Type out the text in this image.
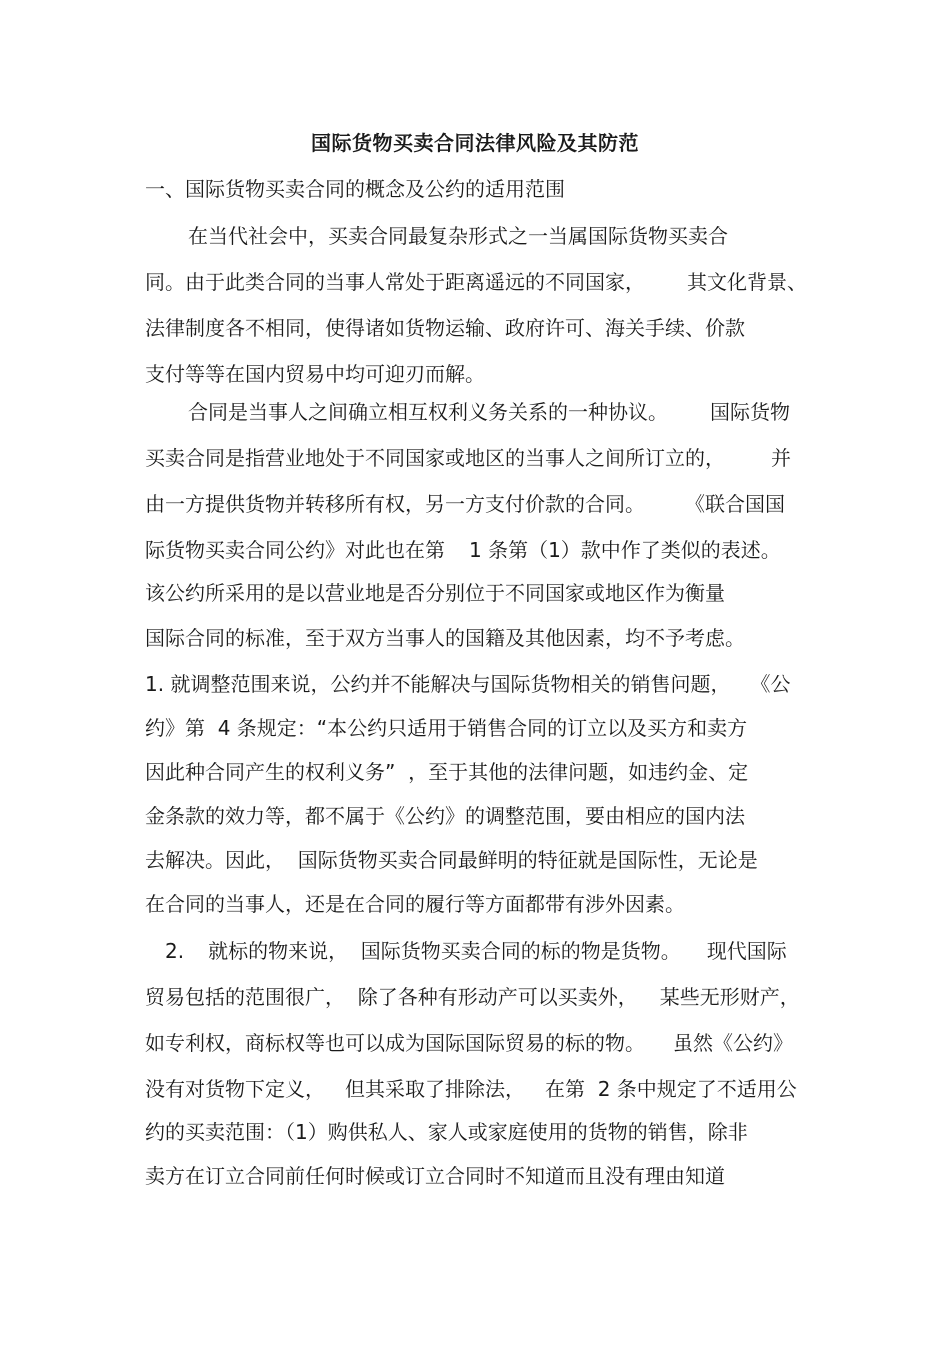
国际货物买卖合同法律风险及其防范

一、国际货物买卖合同的概念及公约的适用范围

在当代社会中，买卖合同最复杂形式之一当属国际货物买卖合

同。由于此类合同的当事人常处于距离遥远的不同国家， 其文化背景、

法律制度各不相同，使得诸如货物运输、政府许可、海关手续、价款

支付等等在国内贸易中均可迎刃而解。

合同是当事人之间确立相互权利义务关系的一种协议。 国际货物

买卖合同是指营业地处于不同国家或地区的当事人之间所订立的， 并

由一方提供货物并转移所有权，另一方支付价款的合同。 《联合国国

际货物买卖合同公约》对此也在第 1 条第（1）款中作了类似的表述。

该公约所采用的是以营业地是否分别位于不同国家或地区作为衡量

国际合同的标准，至于双方当事人的国籍及其他因素，均不予考虑。

1. 就调整范围来说，公约并不能解决与国际货物相关的销售问题， 《公

约》第  4 条规定：“本公约只适用于销售合同的订立以及买方和卖方

因此种合同产生的权利义务”  ，至于其他的法律问题，如违约金、定

金条款的效力等，都不属于《公约》的调整范围，要由相应的国内法

去解决。因此，  国际货物买卖合同最鲜明的特征就是国际性，无论是

在合同的当事人，还是在合同的履行等方面都带有涉外因素。

2. 就标的物来说，  国际货物买卖合同的标的物是货物。 现代国际

贸易包括的范围很广，  除了各种有形动产可以买卖外， 某些无形财产，

如专利权，商标权等也可以成为国际国际贸易的标的物。 虽然《公约》

没有对货物下定义， 但其采取了排除法， 在第  2 条中规定了不适用公

约的买卖范围：（1）购供私人、家人或家庭使用的货物的销售，除非

卖方在订立合同前任何时候或订立合同时不知道而且没有理由知道
